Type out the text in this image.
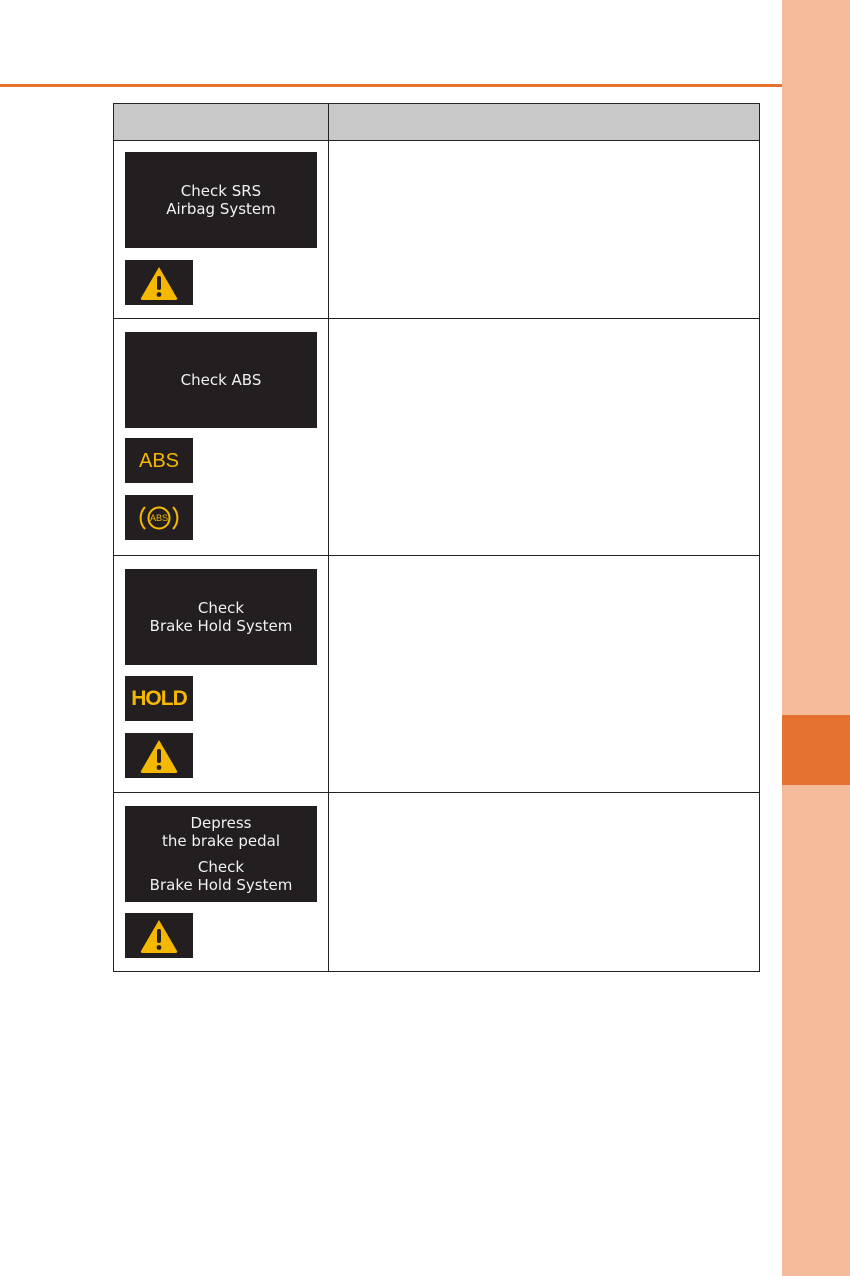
Check SRS
Airbag System
Check ABS
ABS
ABS
Check
Brake Hold System
HOLD
Depress
the brake pedal
Check
Brake Hold System
